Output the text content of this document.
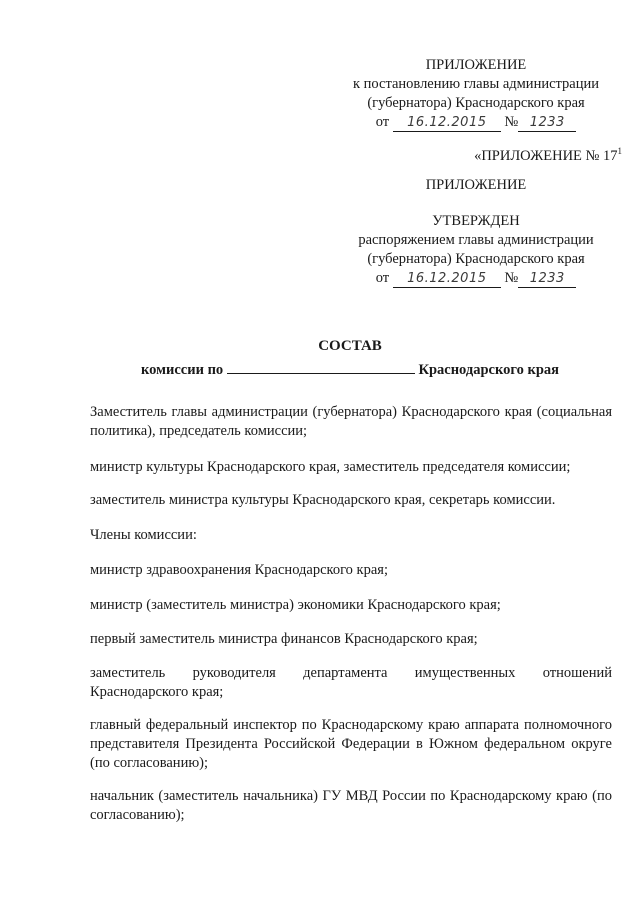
ПРИЛОЖЕНИЕ
к постановлению главы администрации
(губернатора) Краснодарского края
от 16.12.2015 № 1233
«ПРИЛОЖЕНИЕ № $17^1$
ПРИЛОЖЕНИЕ
УТВЕРЖДЕН
распоряжением главы администрации
(губернатора) Краснодарского края
от 16.12.2015 № 1233
СОСТАВ
комиссии по	Краснодарского края
Заместитель главы администрации (губернатора) Краснодарского края (социальная политика), председатель комиссии;
министр культуры Краснодарского края, заместитель председателя комиссии;
заместитель министра культуры Краснодарского края, секретарь комиссии.
Члены комиссии:
министр здравоохранения Краснодарского края;
министр (заместитель министра) экономики Краснодарского края;
первый заместитель министра финансов Краснодарского края;
заместитель руководителя департамента имущественных отношений Краснодарского края;
главный федеральный инспектор по Краснодарскому краю аппарата полномочного представителя Президента Российской Федерации в Южном федеральном округе (по согласованию);
начальник (заместитель начальника) ГУ МВД России по Краснодарскому краю (по согласованию);
